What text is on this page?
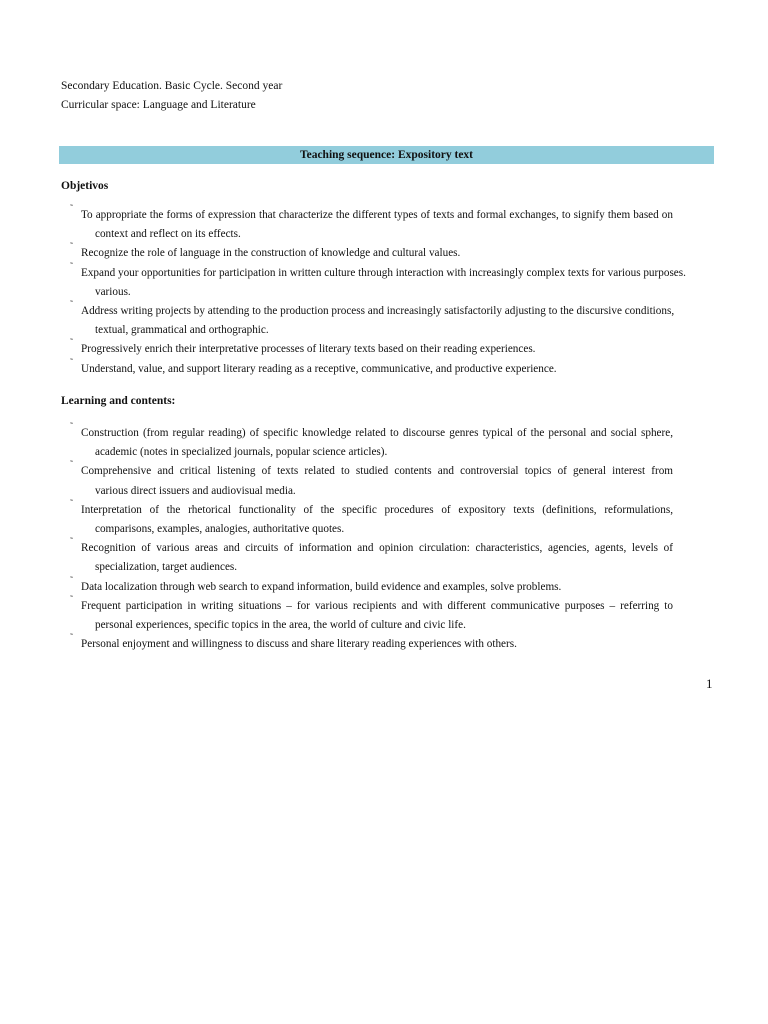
Secondary Education. Basic Cycle. Second year
Curricular space: Language and Literature
Teaching sequence: Expository text
Objetivos
˜
To appropriate the forms of expression that characterize the different types of texts and formal exchanges, to signify them based on
context and reflect on its effects.
˜
Recognize the role of language in the construction of knowledge and cultural values.
˜
Expand your opportunities for participation in written culture through interaction with increasingly complex texts for various purposes.
various.
˜
Address writing projects by attending to the production process and increasingly satisfactorily adjusting to the discursive conditions,
textual, grammatical and orthographic.
˜
Progressively enrich their interpretative processes of literary texts based on their reading experiences.
˜
Understand, value, and support literary reading as a receptive, communicative, and productive experience.
Learning and contents:
˜
Construction (from regular reading) of specific knowledge related to discourse genres typical of the personal and social sphere,
academic (notes in specialized journals, popular science articles).
˜
Comprehensive and critical listening of texts related to studied contents and controversial topics of general interest from
various direct issuers and audiovisual media.
˜
Interpretation of the rhetorical functionality of the specific procedures of expository texts (definitions, reformulations,
comparisons, examples, analogies, authoritative quotes.
˜
Recognition of various areas and circuits of information and opinion circulation: characteristics, agencies, agents, levels of
specialization, target audiences.
˜
Data localization through web search to expand information, build evidence and examples, solve problems.
˜
Frequent participation in writing situations – for various recipients and with different communicative purposes – referring to
personal experiences, specific topics in the area, the world of culture and civic life.
˜
Personal enjoyment and willingness to discuss and share literary reading experiences with others.
1
